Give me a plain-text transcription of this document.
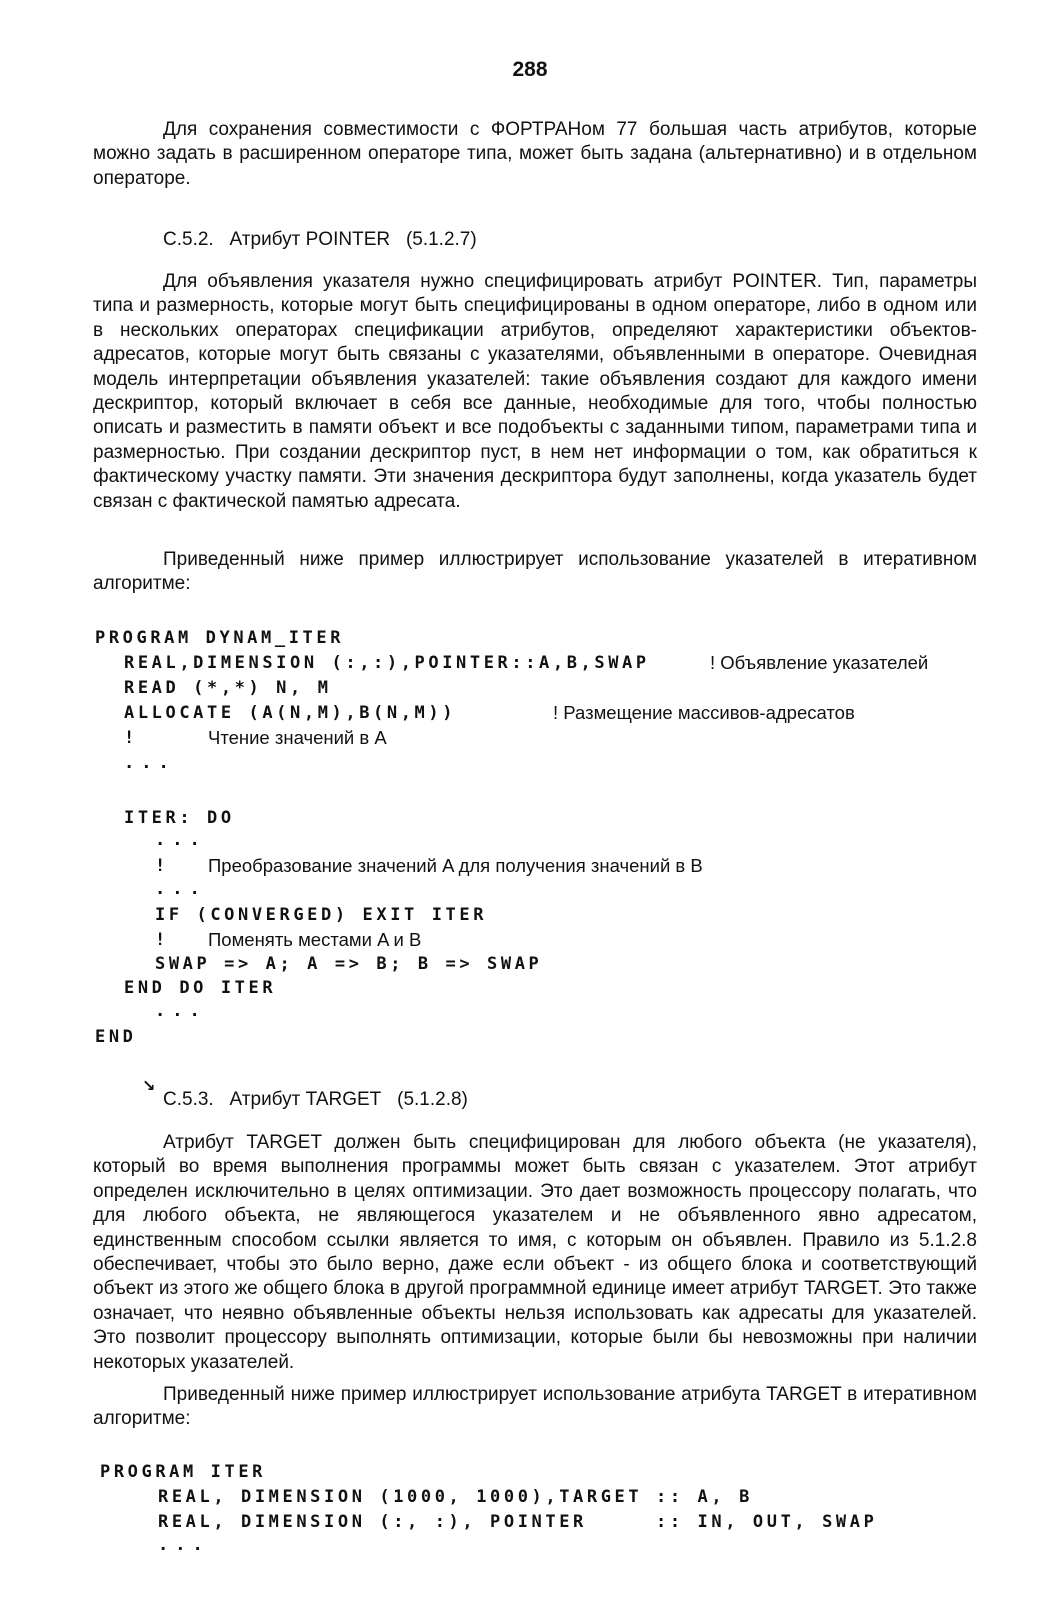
288

Для сохранения совместимости с ФОРТРАНом 77 большая часть атрибутов, которые можно задать в расширенном операторе типа, может быть задана (альтернативно) и в отдельном операторе.

C.5.2. Атрибут POINTER (5.1.2.7)

Для объявления указателя нужно специфицировать атрибут POINTER. Тип, параметры типа и размерность, которые могут быть специфицированы в одном операторе, либо в одном или в нескольких операторах спецификации атрибутов, определяют характеристики объектов-адресатов, которые могут быть связаны с указателями, объявленными в операторе. Очевидная модель интерпретации объявления указателей: такие объявления создают для каждого имени дескриптор, который включает в себя все данные, необходимые для того, чтобы полностью описать и разместить в памяти объект и все подобъекты с заданными типом, параметрами типа и размерностью. При создании дескриптор пуст, в нем нет информации о том, как обратиться к фактическому участку памяти. Эти значения дескриптора будут заполнены, когда указатель будет связан с фактической памятью адресата.

Приведенный ниже пример иллюстрирует использование указателей в итеративном алгоритме:

PROGRAM DYNAM_ITER
REAL,DIMENSION (:,:),POINTER::A,B,SWAP	! Объявление указателей
READ (*,*) N, M
ALLOCATE (A(N,M),B(N,M))	! Размещение массивов-адресатов
!	Чтение значений в A
...
ITER: DO
...
! Преобразование значений A для получения значений в B
...
IF (CONVERGED) EXIT ITER
! Поменять местами A и B
SWAP => A; A => B; B => SWAP
END DO ITER
...
END
↘
C.5.3. Атрибут TARGET (5.1.2.8)

Атрибут TARGET должен быть специфицирован для любого объекта (не указателя), который во время выполнения программы может быть связан с указателем. Этот атрибут определен исключительно в целях оптимизации. Это дает возможность процессору полагать, что для любого объекта, не являющегося указателем и не объявленного явно адресатом, единственным способом ссылки является то имя, с которым он объявлен. Правило из 5.1.2.8 обеспечивает, чтобы это было верно, даже если объект - из общего блока и соответствующий объект из этого же общего блока в другой программной единице имеет атрибут TARGET. Это также означает, что неявно объявленные объекты нельзя использовать как адресаты для указателей. Это позволит процессору выполнять оптимизации, которые были бы невозможны при наличии некоторых указателей.

Приведенный ниже пример иллюстрирует использование атрибута TARGET в итеративном алгоритме:

PROGRAM ITER
REAL, DIMENSION (1000, 1000),TARGET :: A, B
REAL, DIMENSION (:, :), POINTER     :: IN, OUT, SWAP
...
